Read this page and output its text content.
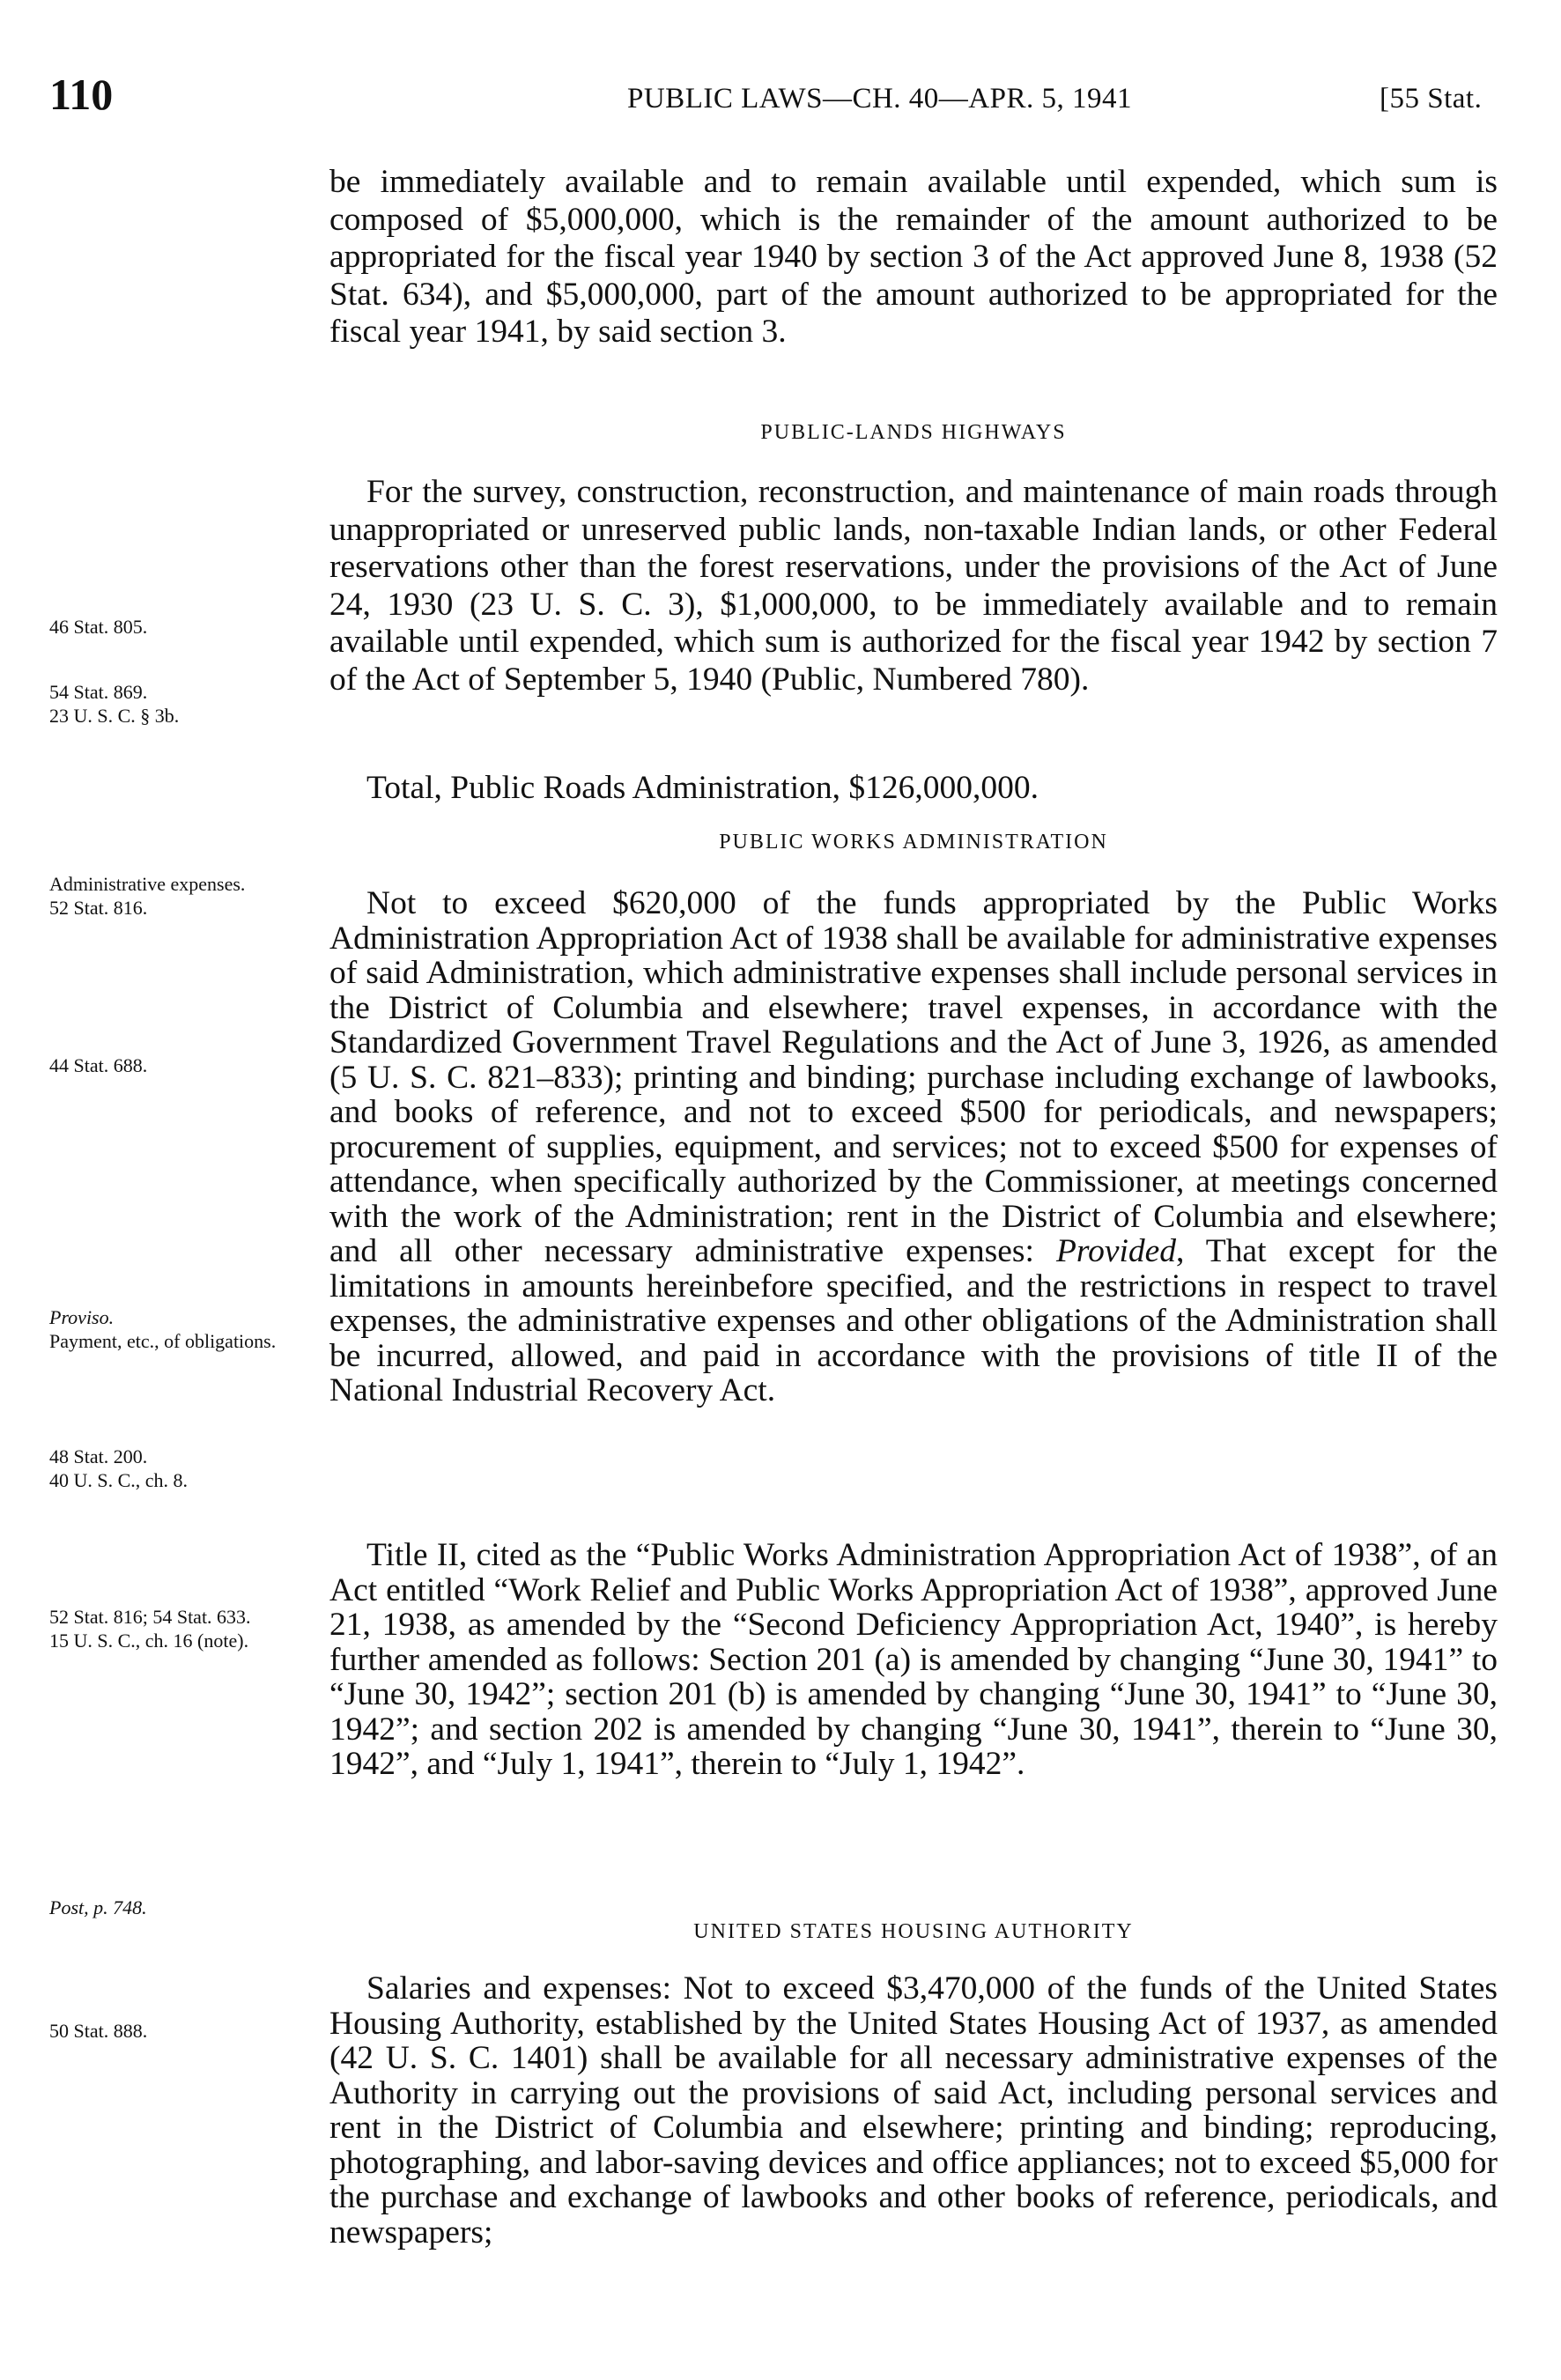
110	PUBLIC LAWS—CH. 40—APR. 5, 1941	[55 Stat.
be immediately available and to remain available until expended, which sum is composed of $5,000,000, which is the remainder of the amount authorized to be appropriated for the fiscal year 1940 by section 3 of the Act approved June 8, 1938 (52 Stat. 634), and $5,000,000, part of the amount authorized to be appropriated for the fiscal year 1941, by said section 3.
PUBLIC-LANDS HIGHWAYS
For the survey, construction, reconstruction, and maintenance of main roads through unappropriated or unreserved public lands, non-taxable Indian lands, or other Federal reservations other than the forest reservations, under the provisions of the Act of June 24, 1930 (23 U. S. C. 3), $1,000,000, to be immediately available and to remain available until expended, which sum is authorized for the fiscal year 1942 by section 7 of the Act of September 5, 1940 (Public, Numbered 780).
Total, Public Roads Administration, $126,000,000.
PUBLIC WORKS ADMINISTRATION
Not to exceed $620,000 of the funds appropriated by the Public Works Administration Appropriation Act of 1938 shall be available for administrative expenses of said Administration, which administrative expenses shall include personal services in the District of Columbia and elsewhere; travel expenses, in accordance with the Standardized Government Travel Regulations and the Act of June 3, 1926, as amended (5 U. S. C. 821–833); printing and binding; purchase including exchange of lawbooks, and books of reference, and not to exceed $500 for periodicals, and newspapers; procurement of supplies, equipment, and services; not to exceed $500 for expenses of attendance, when specifically authorized by the Commissioner, at meetings concerned with the work of the Administration; rent in the District of Columbia and elsewhere; and all other necessary administrative expenses: Provided, That except for the limitations in amounts hereinbefore specified, and the restrictions in respect to travel expenses, the administrative expenses and other obligations of the Administration shall be incurred, allowed, and paid in accordance with the provisions of title II of the National Industrial Recovery Act.
Title II, cited as the “Public Works Administration Appropriation Act of 1938”, of an Act entitled “Work Relief and Public Works Appropriation Act of 1938”, approved June 21, 1938, as amended by the “Second Deficiency Appropriation Act, 1940”, is hereby further amended as follows: Section 201 (a) is amended by changing “June 30, 1941” to “June 30, 1942”; section 201 (b) is amended by changing “June 30, 1941” to “June 30, 1942”; and section 202 is amended by changing “June 30, 1941”, therein to “June 30, 1942”, and “July 1, 1941”, therein to “July 1, 1942”.
UNITED STATES HOUSING AUTHORITY
Salaries and expenses: Not to exceed $3,470,000 of the funds of the United States Housing Authority, established by the United States Housing Act of 1937, as amended (42 U. S. C. 1401) shall be available for all necessary administrative expenses of the Authority in carrying out the provisions of said Act, including personal services and rent in the District of Columbia and elsewhere; printing and binding; reproducing, photographing, and labor-saving devices and office appliances; not to exceed $5,000 for the purchase and exchange of lawbooks and other books of reference, periodicals, and newspapers;
46 Stat. 805.
54 Stat. 869.
23 U. S. C. § 3b.
Administrative expenses.
52 Stat. 816.
44 Stat. 688.
Proviso.
Payment, etc., of obligations.
48 Stat. 200.
40 U. S. C., ch. 8.
52 Stat. 816; 54 Stat. 633.
15 U. S. C., ch. 16 (note).
Post, p. 748.
50 Stat. 888.
